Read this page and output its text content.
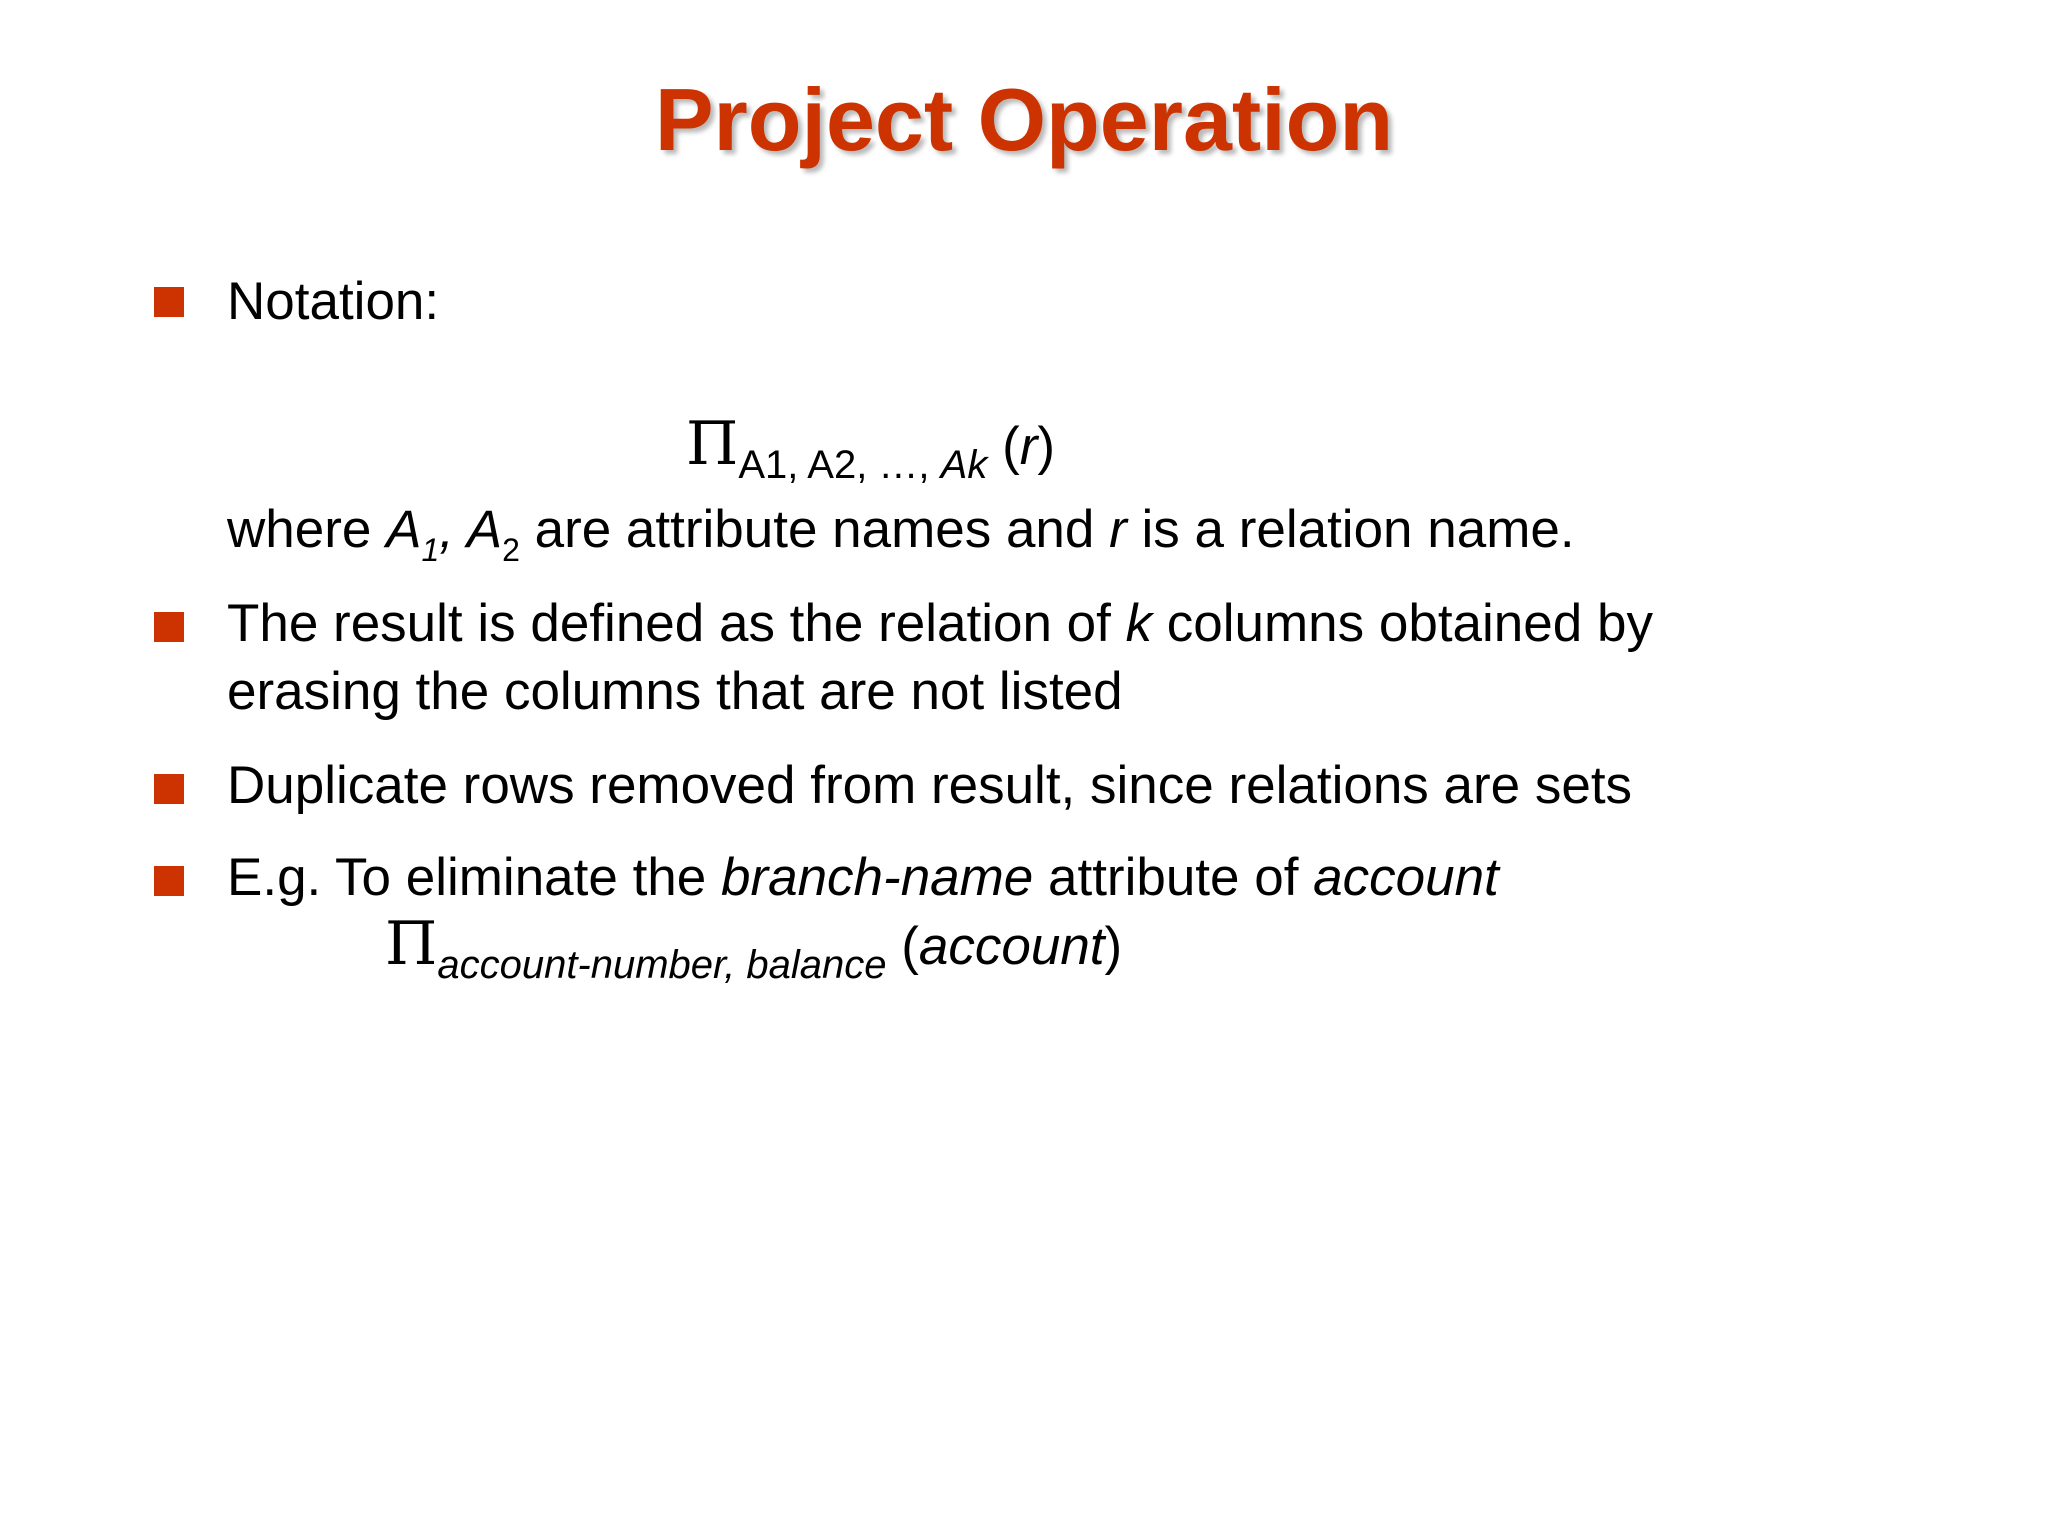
Project Operation
Notation:
$\Pi_{A1, A2, \dots, Ak}$ (r)
where $A_1$, $A_2$ are attribute names and r is a relation name.
The result is defined as the relation of k columns obtained by
erasing the columns that are not listed
Duplicate rows removed from result, since relations are sets
E.g. To eliminate the branch-name attribute of account
$\Pi_{account-number, balance}$ (account)
